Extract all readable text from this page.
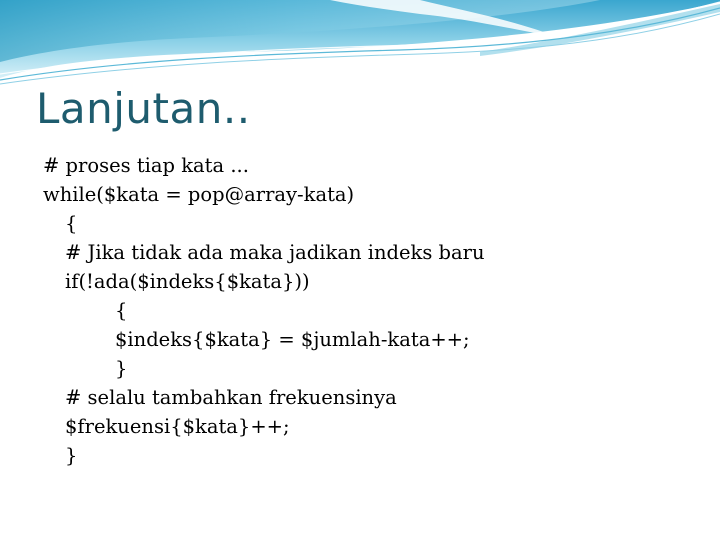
Lanjutan..

# proses tiap kata ...

while($kata = pop@array-kata)

{

# Jika tidak ada maka jadikan indeks baru

if(!ada($indeks{$kata}))

{

$indeks{$kata} = $jumlah-kata++;

}

# selalu tambahkan frekuensinya

$frekuensi{$kata}++;

}
